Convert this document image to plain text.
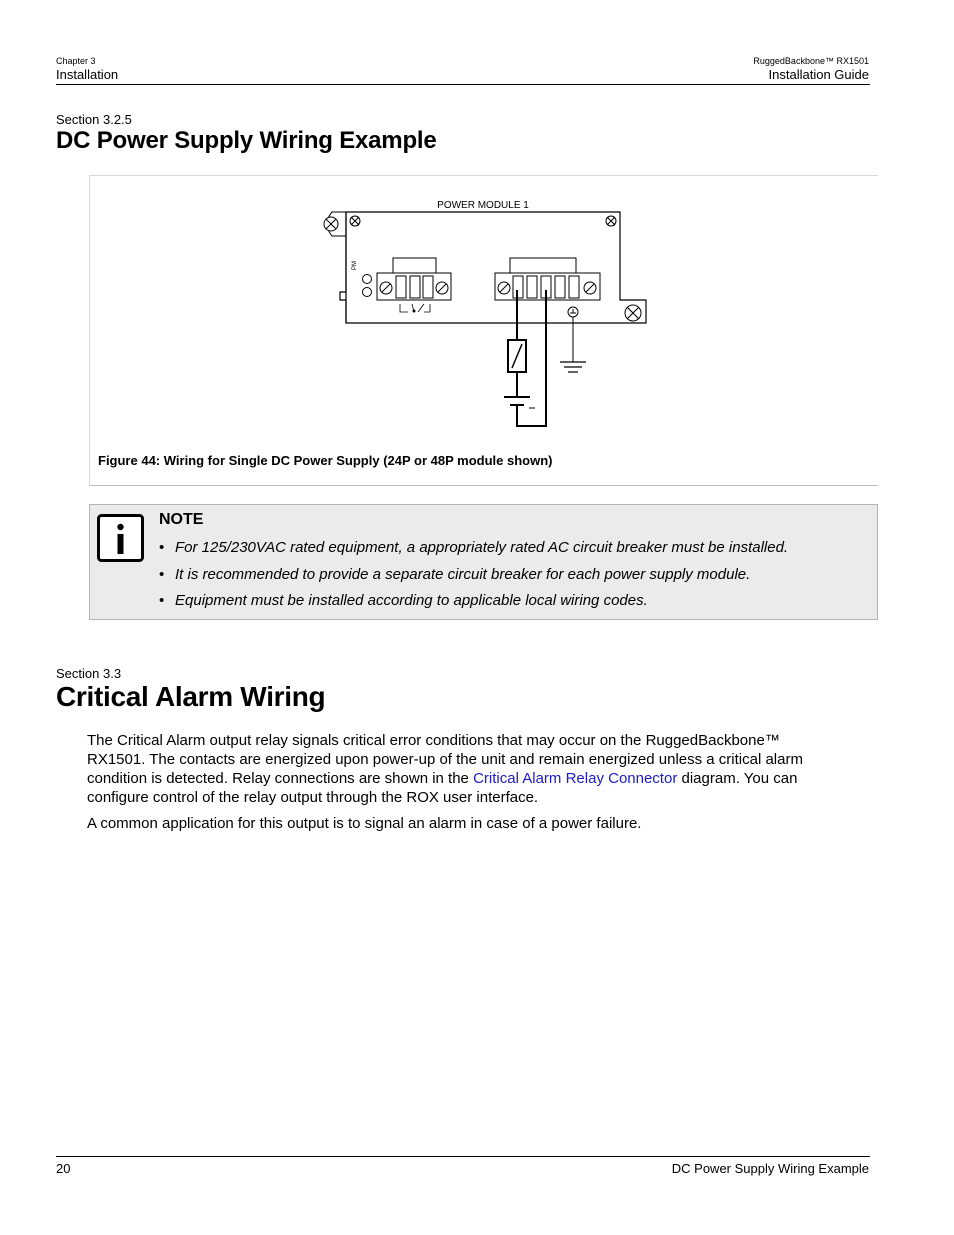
Chapter 3
Installation
RuggedBackbone™ RX1501
Installation Guide
Section 3.2.5
DC Power Supply Wiring Example
POWER MODULE 1
PM
Figure 44: Wiring for Single DC Power Supply (24P or 48P module shown)
NOTE
• For 125/230VAC rated equipment, a appropriately rated AC circuit breaker must be installed.
• It is recommended to provide a separate circuit breaker for each power supply module.
• Equipment must be installed according to applicable local wiring codes.
Section 3.3
Critical Alarm Wiring
The Critical Alarm output relay signals critical error conditions that may occur on the RuggedBackbone™
RX1501. The contacts are energized upon power-up of the unit and remain energized unless a critical alarm
condition is detected. Relay connections are shown in the Critical Alarm Relay Connector diagram. You can
configure control of the relay output through the ROX user interface.
A common application for this output is to signal an alarm in case of a power failure.
20	DC Power Supply Wiring Example
